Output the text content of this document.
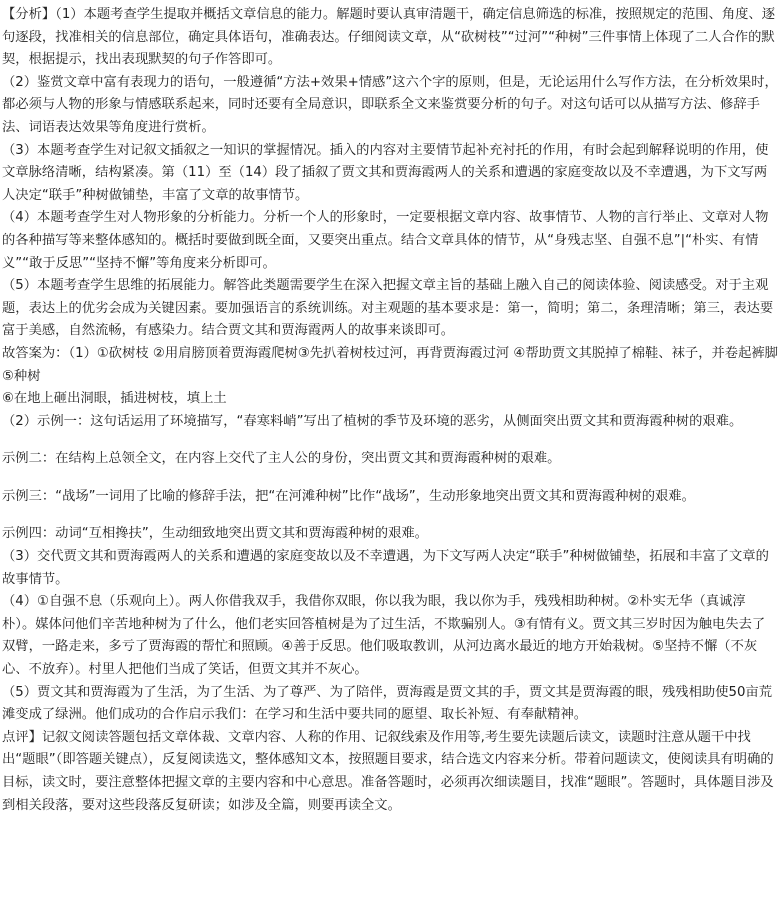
【分析】（1）本题考查学生提取并概括文章信息的能力。解题时要认真审清题干，确定信息筛选的标准，按照规定的范围、角度、逐句逐段，找准相关的信息部位，确定具体语句，准确表达。仔细阅读文章，从“砍树枝”“过河”“种树”三件事情上体现了二人合作的默契，根据提示，找出表现默契的句子作答即可。

（2）鉴赏文章中富有表现力的语句，一般遵循“方法+效果+情感”这六个字的原则，但是，无论运用什么写作方法，在分析效果时，都必须与人物的形象与情感联系起来，同时还要有全局意识，即联系全文来鉴赏要分析的句子。对这句话可以从描写方法、修辞手法、词语表达效果等角度进行赏析。

（3）本题考查学生对记叙文插叙之一知识的掌握情况。插入的内容对主要情节起补充衬托的作用，有时会起到解释说明的作用，使文章脉络清晰，结构紧凑。第（11）至（14）段了插叙了贾文其和贾海霞两人的关系和遭遇的家庭变故以及不幸遭遇，为下文写两人决定“联手”种树做铺垫，丰富了文章的故事情节。

（4）本题考查学生对人物形象的分析能力。分析一个人的形象时，一定要根据文章内容、故事情节、人物的言行举止、文章对人物的各种描写等来整体感知的。概括时要做到既全面，又要突出重点。结合文章具体的情节，从“身残志坚、自强不息”|“朴实、有情义”“敢于反思”“坚持不懈”等角度来分析即可。

（5）本题考查学生思维的拓展能力。解答此类题需要学生在深入把握文章主旨的基础上融入自己的阅读体验、阅读感受。对于主观题，表达上的优劣会成为关键因素。要加强语言的系统训练。对主观题的基本要求是：第一，简明；第二，条理清晰；第三，表达要富于美感，自然流畅，有感染力。结合贾文其和贾海霞两人的故事来谈即可。

故答案为：（1）①砍树枝 ②用肩膀顶着贾海霞爬树③先扒着树枝过河，再背贾海霞过河 ④帮助贾文其脱掉了棉鞋、袜子，并卷起裤脚⑤种树

⑥在地上砸出洞眼，插进树枝，填上土

（2）示例一：这句话运用了环境描写，“春寒料峭”写出了植树的季节及环境的恶劣，从侧面突出贾文其和贾海霞种树的艰难。

示例二：在结构上总领全文，在内容上交代了主人公的身份，突出贾文其和贾海霞种树的艰难。

示例三：“战场”一词用了比喻的修辞手法，把“在河滩种树”比作“战场”，生动形象地突出贾文其和贾海霞种树的艰难。

示例四：动词“互相搀扶”，生动细致地突出贾文其和贾海霞种树的艰难。

（3）交代贾文其和贾海霞两人的关系和遭遇的家庭变故以及不幸遭遇，为下文写两人决定“联手”种树做铺垫，拓展和丰富了文章的故事情节。

（4）①自强不息（乐观向上）。两人你借我双手，我借你双眼，你以我为眼，我以你为手，残残相助种树。②朴实无华（真诚淳朴）。媒体问他们辛苦地种树为了什么，他们老实回答植树是为了过生活，不欺骗别人。③有情有义。贾文其三岁时因为触电失去了双臂，一路走来，多亏了贾海霞的帮忙和照顾。④善于反思。他们吸取教训，从河边离水最近的地方开始栽树。⑤坚持不懈（不灰心、不放弃）。村里人把他们当成了笑话，但贾文其并不灰心。

（5）贾文其和贾海霞为了生活，为了生活、为了尊严、为了陪伴，贾海霞是贾文其的手，贾文其是贾海霞的眼，残残相助使50亩荒滩变成了绿洲。他们成功的合作启示我们：在学习和生活中要共同的愿望、取长补短、有奉献精神。

点评】记叙文阅读答题包括文章体裁、文章内容、人称的作用、记叙线索及作用等,考生要先读题后读文，读题时注意从题干中找出“题眼”（即答题关键点），反复阅读选文，整体感知文本，按照题目要求，结合选文内容来分析。带着问题读文，使阅读具有明确的目标，读文时，要注意整体把握文章的主要内容和中心意思。准备答题时，必须再次细读题目，找准“题眼”。答题时，具体题目涉及到相关段落，要对这些段落反复研读；如涉及全篇，则要再读全文。
